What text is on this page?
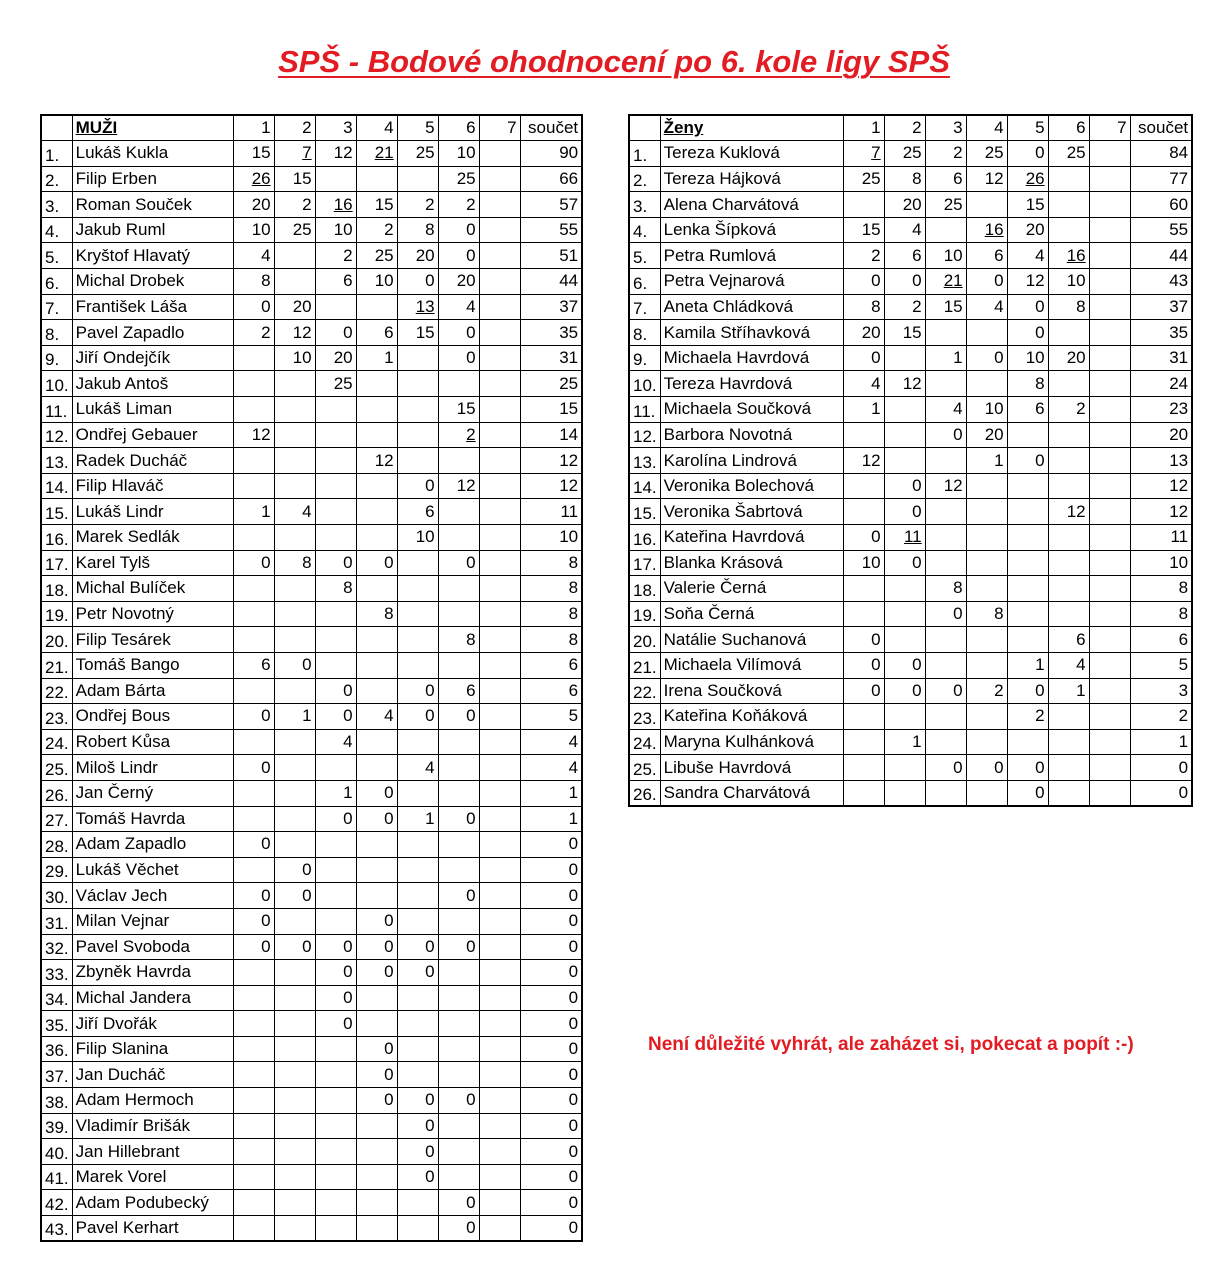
SPŠ - Bodové ohodnocení po 6. kole ligy SPŠ
	MUŽI	1	2	3	4	5	6	7	součet
1.	Lukáš Kukla	15	7	12	21	25	10		90
2.	Filip Erben	26	15				25		66
3.	Roman Souček	20	2	16	15	2	2		57
4.	Jakub Ruml	10	25	10	2	8	0		55
5.	Kryštof Hlavatý	4		2	25	20	0		51
6.	Michal Drobek	8		6	10	0	20		44
7.	František Láša	0	20			13	4		37
8.	Pavel Zapadlo	2	12	0	6	15	0		35
9.	Jiří Ondejčík		10	20	1		0		31
10.	Jakub Antoš			25					25
11.	Lukáš Liman						15		15
12.	Ondřej Gebauer	12					2		14
13.	Radek Ducháč				12				12
14.	Filip Hlaváč					0	12		12
15.	Lukáš Lindr	1	4			6			11
16.	Marek Sedlák					10			10
17.	Karel Tylš	0	8	0	0		0		8
18.	Michal Bulíček			8					8
19.	Petr Novotný				8				8
20.	Filip Tesárek						8		8
21.	Tomáš Bango	6	0						6
22.	Adam Bárta			0		0	6		6
23.	Ondřej Bous	0	1	0	4	0	0		5
24.	Robert Kůsa			4					4
25.	Miloš Lindr	0				4			4
26.	Jan Černý			1	0				1
27.	Tomáš Havrda			0	0	1	0		1
28.	Adam Zapadlo	0							0
29.	Lukáš Věchet		0						0
30.	Václav Jech	0	0				0		0
31.	Milan Vejnar	0			0				0
32.	Pavel Svoboda	0	0	0	0	0	0		0
33.	Zbyněk Havrda			0	0	0			0
34.	Michal Jandera			0					0
35.	Jiří Dvořák			0					0
36.	Filip Slanina				0				0
37.	Jan Ducháč				0				0
38.	Adam Hermoch				0	0	0		0
39.	Vladimír Brišák					0			0
40.	Jan Hillebrant					0			0
41.	Marek Vorel					0			0
42.	Adam Podubecký						0		0
43.	Pavel Kerhart						0		0
	Ženy	1	2	3	4	5	6	7	součet
1.	Tereza Kuklová	7	25	2	25	0	25		84
2.	Tereza Hájková	25	8	6	12	26			77
3.	Alena Charvátová		20	25		15			60
4.	Lenka Šípková	15	4		16	20			55
5.	Petra Rumlová	2	6	10	6	4	16		44
6.	Petra Vejnarová	0	0	21	0	12	10		43
7.	Aneta Chládková	8	2	15	4	0	8		37
8.	Kamila Stříhavková	20	15			0			35
9.	Michaela Havrdová	0		1	0	10	20		31
10.	Tereza Havrdová	4	12			8			24
11.	Michaela Součková	1		4	10	6	2		23
12.	Barbora Novotná			0	20				20
13.	Karolína Lindrová	12			1	0			13
14.	Veronika Bolechová		0	12					12
15.	Veronika Šabrtová		0				12		12
16.	Kateřina Havrdová	0	11						11
17.	Blanka Krásová	10	0						10
18.	Valerie Černá			8					8
19.	Soňa Černá			0	8				8
20.	Natálie Suchanová	0					6		6
21.	Michaela Vilímová	0	0			1	4		5
22.	Irena Součková	0	0	0	2	0	1		3
23.	Kateřina Koňáková					2			2
24.	Maryna Kulhánková		1						1
25.	Libuše Havrdová			0	0	0			0
26.	Sandra Charvátová					0			0
Není důležité vyhrát, ale zaházet si, pokecat a popít :-)
